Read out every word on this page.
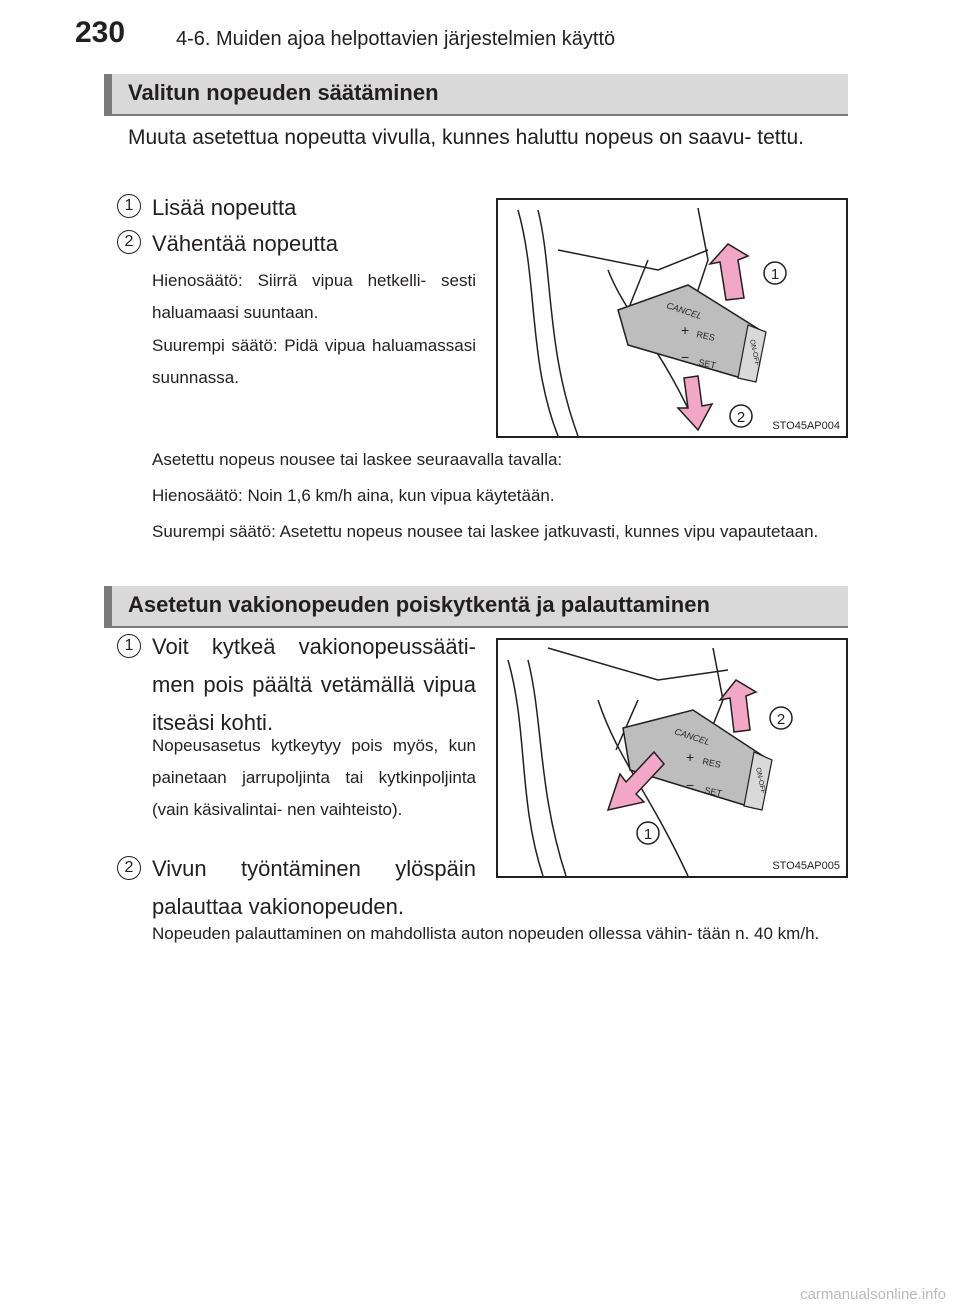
230	4-6. Muiden ajoa helpottavien järjestelmien käyttö
Valitun nopeuden säätäminen
Muuta asetettua nopeutta vivulla, kunnes haluttu nopeus on saavu- tettu.
1 Lisää nopeutta
2 Vähentää nopeutta
Hienosäätö: Siirrä vipua hetkelli- sesti haluamaasi suuntaan.
Suurempi säätö: Pidä vipua haluamassasi suunnassa.
CANCEL
+ RES
− SET	ON-OFF
1
2 STO45AP004
Asetettu nopeus nousee tai laskee seuraavalla tavalla:
Hienosäätö: Noin 1,6 km/h aina, kun vipua käytetään.
Suurempi säätö: Asetettu nopeus nousee tai laskee jatkuvasti, kunnes vipu vapautetaan.
Asetetun vakionopeuden poiskytkentä ja palauttaminen
1 Voit kytkeä vakionopeussääti- men pois päältä vetämällä vipua itseäsi kohti.
Nopeusasetus kytkeytyy pois myös, kun painetaan jarrupoljinta tai kytkinpoljinta (vain käsivalintai- nen vaihteisto).
2 Vivun työntäminen ylöspäin palauttaa vakionopeuden.
CANCEL
+ RES
− SET	ON-OFF
2
1
STO45AP005
Nopeuden palauttaminen on mahdollista auton nopeuden ollessa vähin- tään n. 40 km/h.
carmanualsonline.info
